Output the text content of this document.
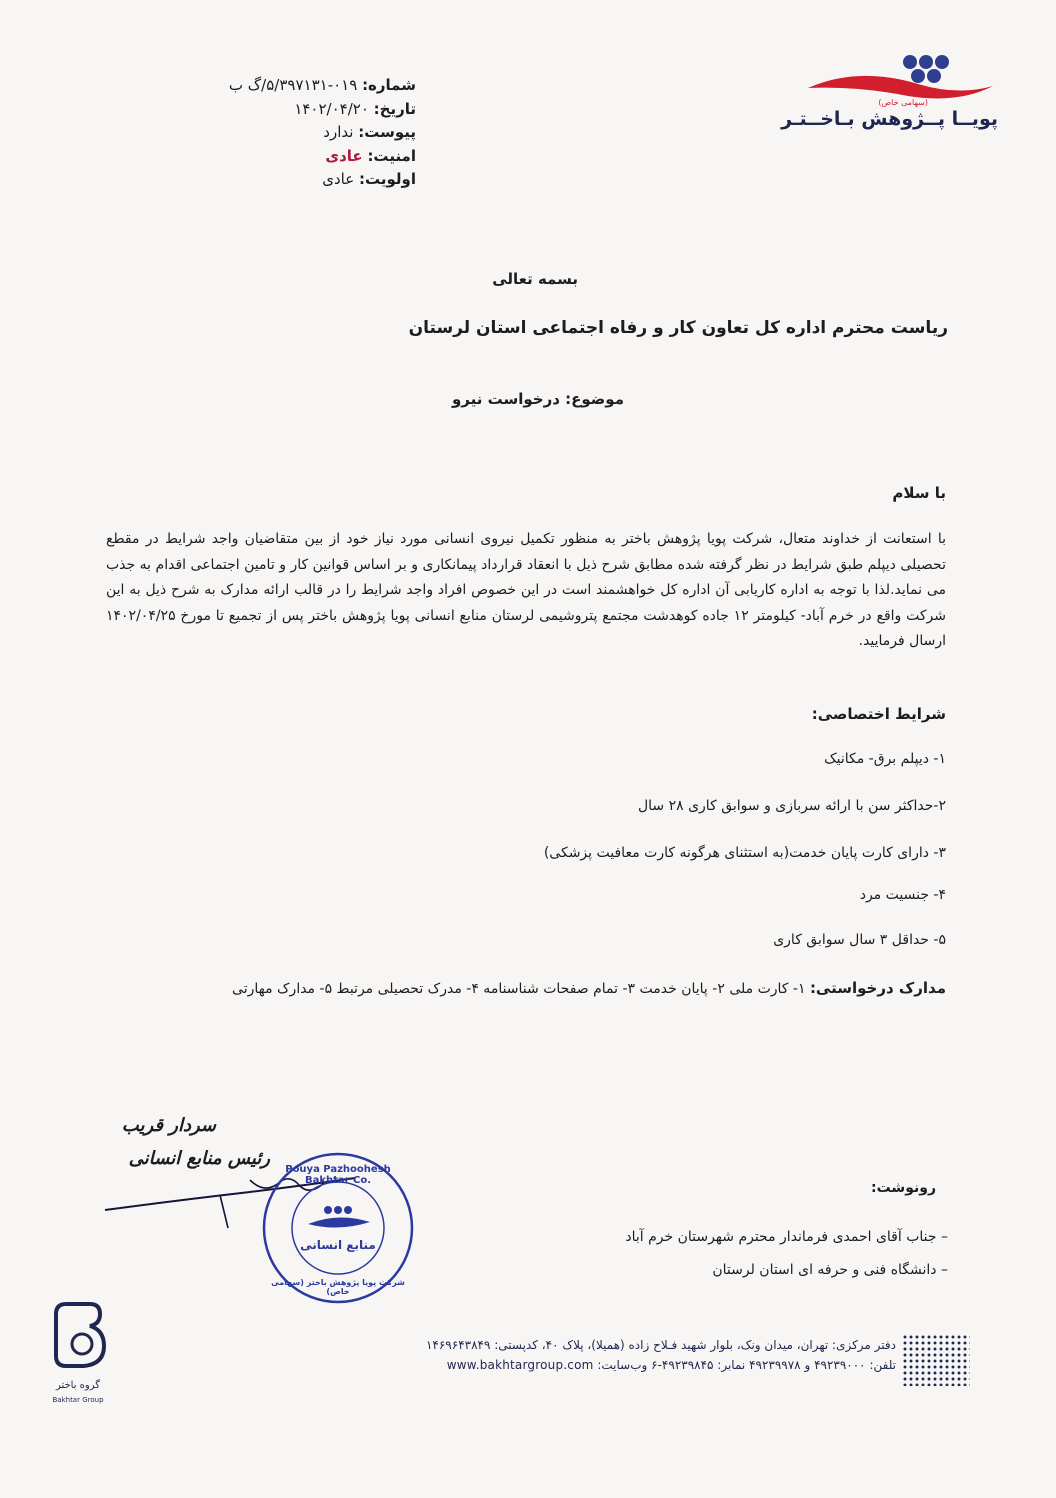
(سهامی خاص)
پویــا پــژوهش بـاخــتـر
شماره: ۰۱۹-۵/۳۹۷۱۳۱/گ ب
تاریخ: ۱۴۰۲/۰۴/۲۰
پیوست: ندارد
امنیت: عادی
اولویت: عادی
بسمه تعالی
ریاست محترم اداره کل تعاون کار و رفاه اجتماعی استان لرستان
موضوع: درخواست نیرو
با سلام
با استعانت از خداوند متعال، شرکت پویا پژوهش باختر به منظور تکمیل نیروی انسانی مورد نیاز خود از بین متقاضیان واجد شرایط در مقطع تحصیلی دیپلم طبق شرایط در نظر گرفته شده مطابق شرح ذیل با انعقاد قرارداد پیمانکاری و بر اساس قوانین کار و تامین اجتماعی اقدام به جذب می نماید.لذا با توجه به اداره کاریابی آن اداره کل خواهشمند است در این خصوص افراد واجد شرایط را در قالب ارائه مدارک به شرح ذیل به این شرکت واقع در خرم آباد- کیلومتر ۱۲ جاده کوهدشت مجتمع پتروشیمی لرستان منابع انسانی پویا پژوهش باختر پس از تجمیع تا مورخ ۱۴۰۲/۰۴/۲۵ ارسال فرمایید.
شرایط اختصاصی:
۱- دیپلم برق- مکانیک
۲-حداکثر سن با ارائه سربازی و سوابق کاری ۲۸ سال
۳- دارای کارت پایان خدمت(به استثنای هرگونه کارت معافیت پزشکی)
۴- جنسیت مرد
۵- حداقل ۳ سال سوابق کاری
مدارک درخواستی: ۱- کارت ملی ۲- پایان خدمت ۳- تمام صفحات شناسنامه ۴- مدرک تحصیلی مرتبط ۵- مدارک مهارتی
سردار قریب
رئیس منابع انسانی
Pouya Pazhoohesh Bakhtar Co.
منابع انسانی
شرکت پویا پژوهش باختر (سهامی خاص)
رونوشت:
– جناب آقای احمدی فرماندار محترم شهرستان خرم آباد
– دانشگاه فنی و حرفه ای استان لرستان
دفتر مرکزی: تهران، میدان ونک، بلوار شهید فـلاح زاده (همیلا)، پلاک ۴۰، کدپستی: ۱۴۶۹۶۴۳۸۴۹
تلفن: ۴۹۲۳۹۰۰۰ و ۴۹۲۳۹۹۷۸ نمابر: ۴۹۲۳۹۸۴۵-۶ وب‌سایت: www.bakhtargroup.com
گروه باختر
Bakhtar Group
